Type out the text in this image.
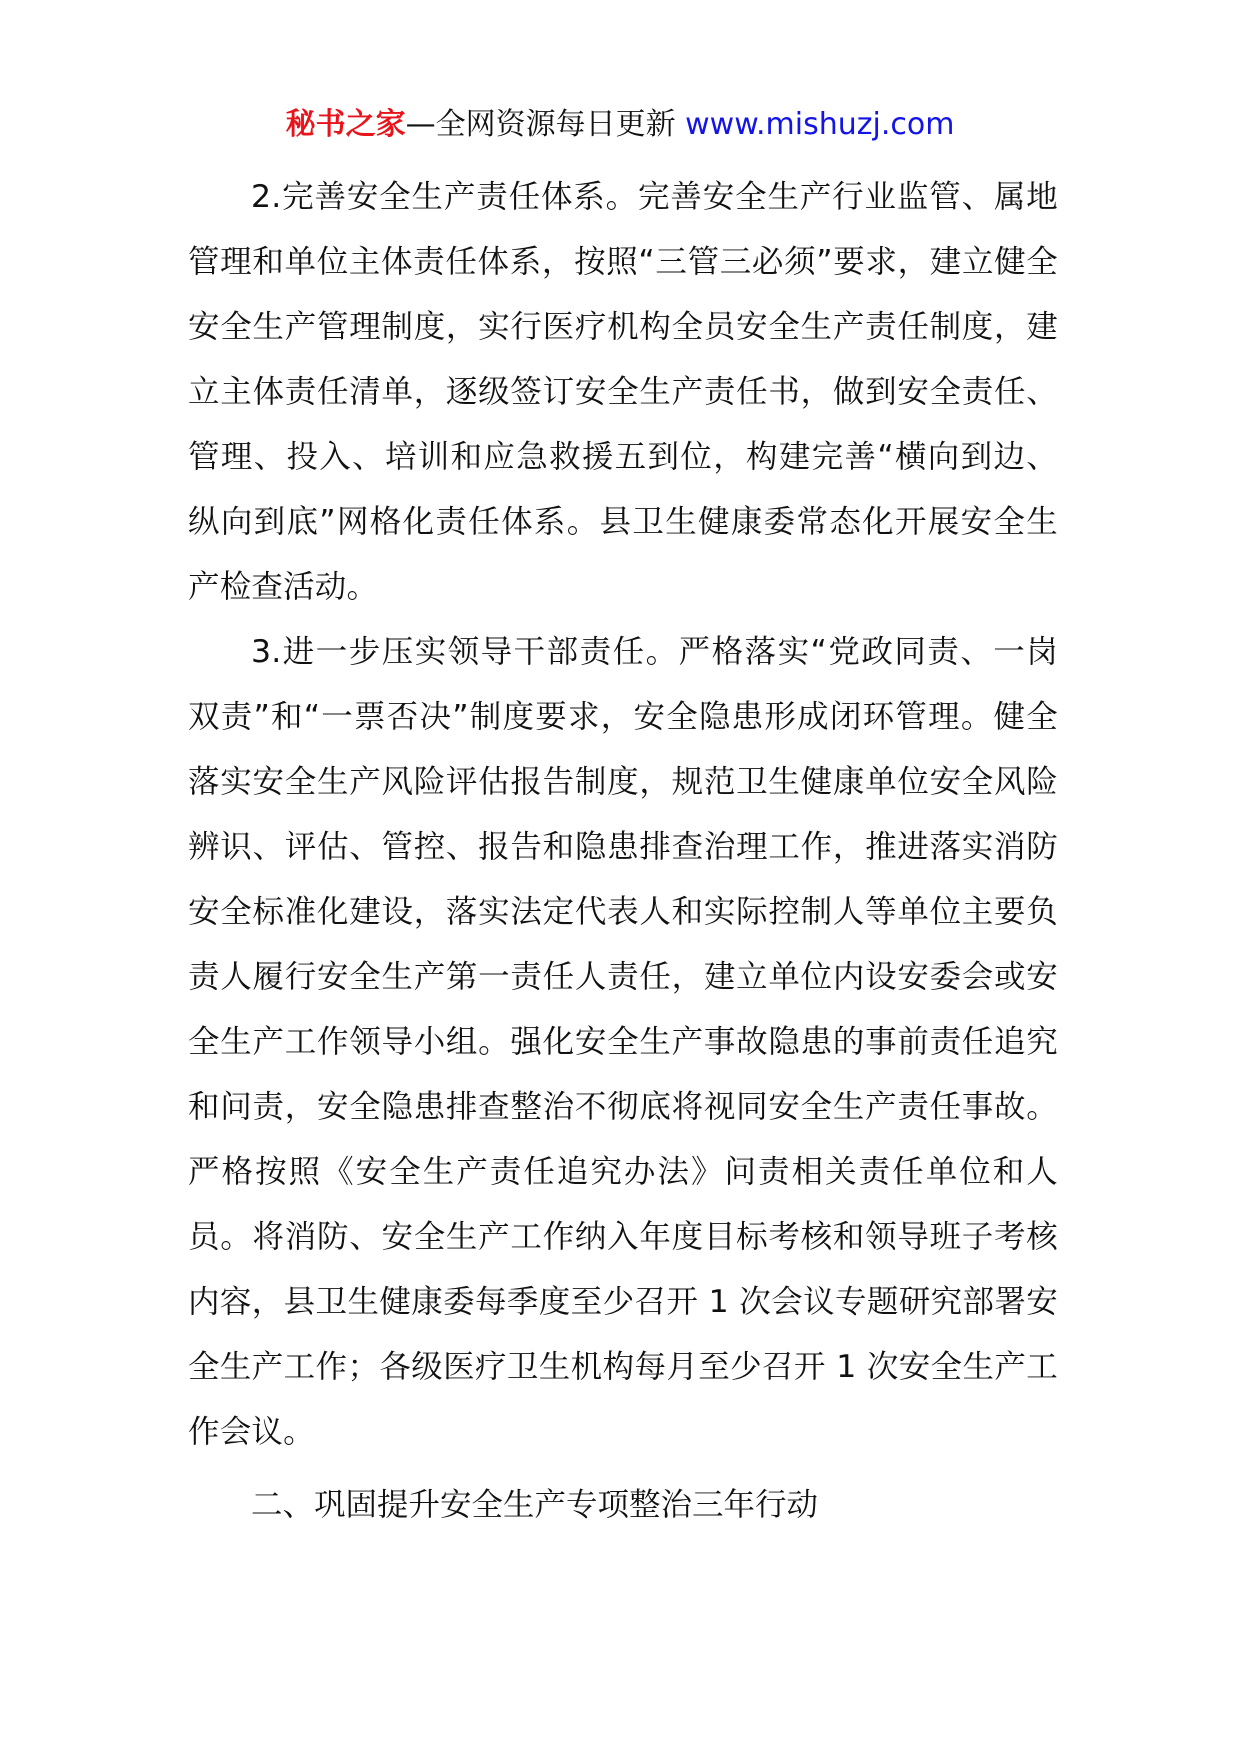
秘书之家—全网资源每日更新 www.mishuzj.com

2.完善安全生产责任体系。完善安全生产行业监管、属地管理和单位主体责任体系，按照“三管三必须”要求，建立健全安全生产管理制度，实行医疗机构全员安全生产责任制度，建立主体责任清单，逐级签订安全生产责任书，做到安全责任、管理、投入、培训和应急救援五到位，构建完善“横向到边、纵向到底”网格化责任体系。县卫生健康委常态化开展安全生产检查活动。

3.进一步压实领导干部责任。严格落实“党政同责、一岗双责”和“一票否决”制度要求，安全隐患形成闭环管理。健全落实安全生产风险评估报告制度，规范卫生健康单位安全风险辨识、评估、管控、报告和隐患排查治理工作，推进落实消防安全标准化建设，落实法定代表人和实际控制人等单位主要负责人履行安全生产第一责任人责任，建立单位内设安委会或安全生产工作领导小组。强化安全生产事故隐患的事前责任追究和问责，安全隐患排查整治不彻底将视同安全生产责任事故。严格按照《安全生产责任追究办法》问责相关责任单位和人员。将消防、安全生产工作纳入年度目标考核和领导班子考核内容，县卫生健康委每季度至少召开 1 次会议专题研究部署安全生产工作；各级医疗卫生机构每月至少召开 1 次安全生产工作会议。

二、巩固提升安全生产专项整治三年行动
